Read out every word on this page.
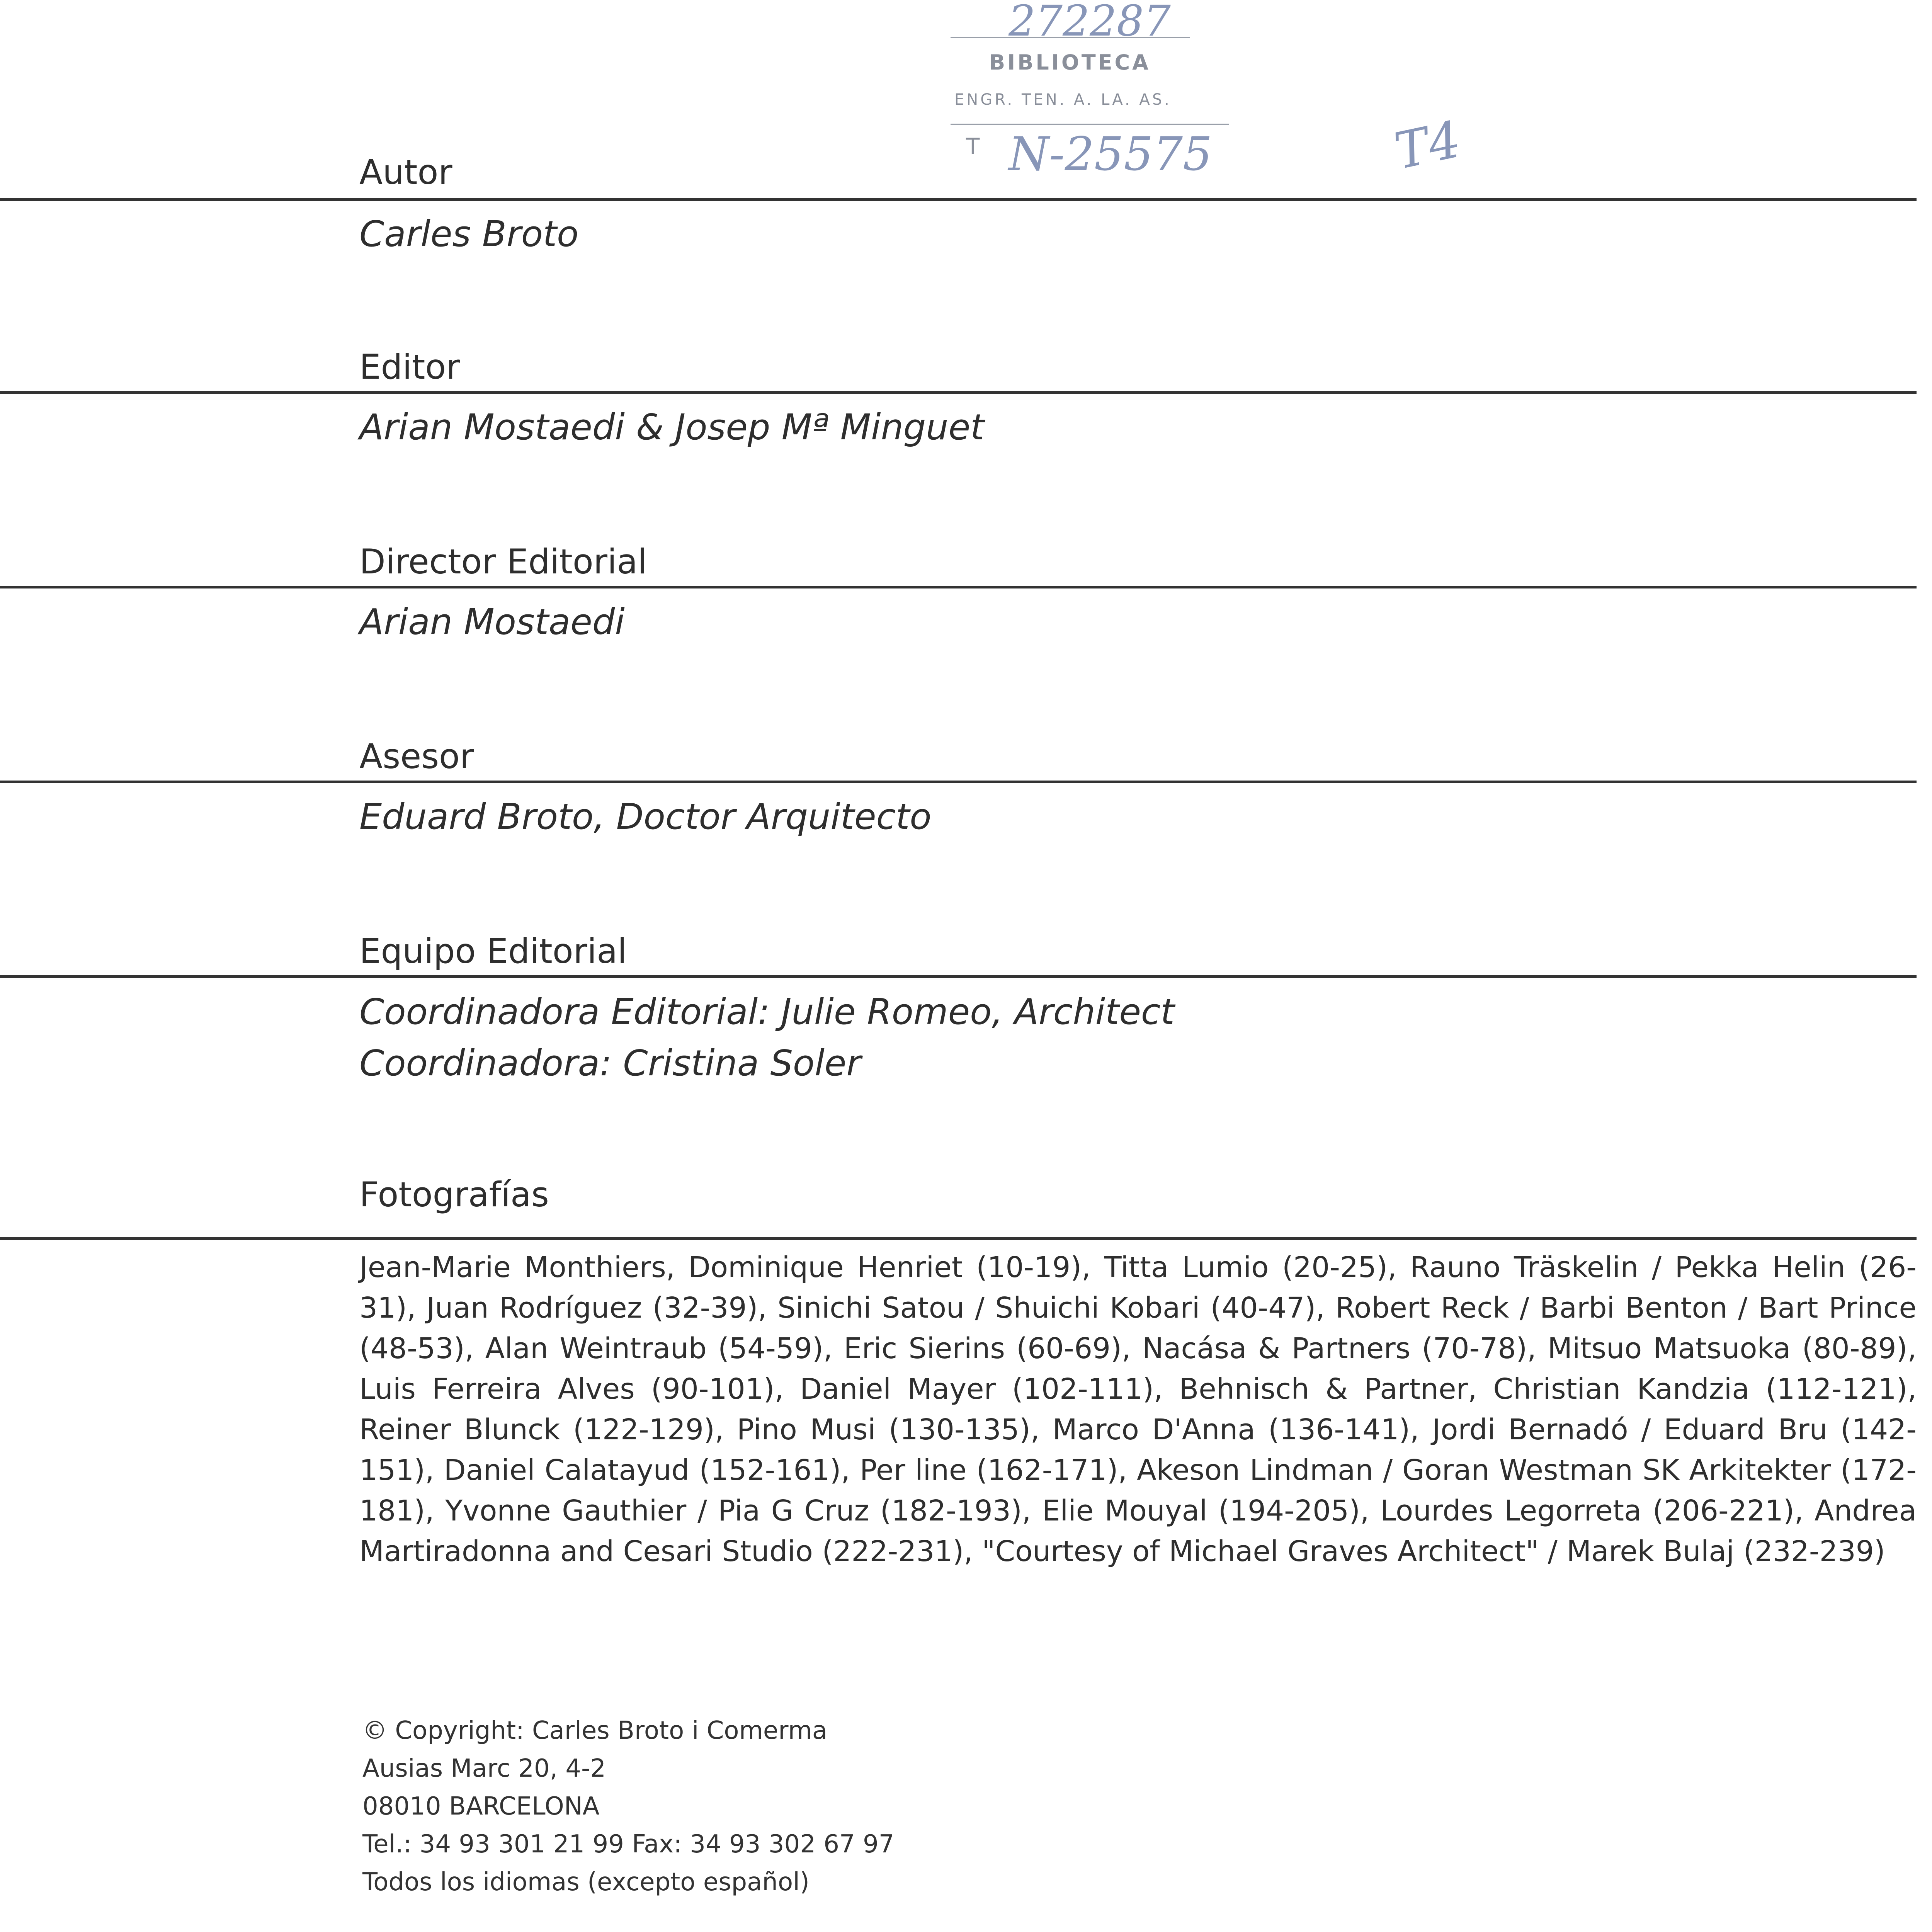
272287
BIBLIOTECA
ENGR. TEN. A. LA. AS.
T N-25575	T4
Autor
Carles Broto
Editor
Arian Mostaedi & Josep Mª Minguet
Director Editorial
Arian Mostaedi
Asesor
Eduard Broto, Doctor Arquitecto
Equipo Editorial
Coordinadora Editorial: Julie Romeo, Architect
Coordinadora: Cristina Soler
Fotografías
Jean-Marie Monthiers, Dominique Henriet (10-19), Titta Lumio (20-25), Rauno Träskelin / Pekka Helin (26-31), Juan Rodríguez (32-39), Sinichi Satou / Shuichi Kobari (40-47), Robert Reck / Barbi Benton / Bart Prince (48-53), Alan Weintraub (54-59), Eric Sierins (60-69), Nacása & Partners (70-78), Mitsuo Matsuoka (80-89), Luis Ferreira Alves (90-101), Daniel Mayer (102-111), Behnisch & Partner, Christian Kandzia (112-121), Reiner Blunck (122-129), Pino Musi (130-135), Marco D'Anna (136-141), Jordi Bernadó / Eduard Bru (142-151), Daniel Calatayud (152-161), Per line (162-171), Akeson Lindman / Goran Westman SK Arkitekter (172-181), Yvonne Gauthier / Pia G Cruz (182-193), Elie Mouyal (194-205), Lourdes Legorreta (206-221), Andrea Martiradonna and Cesari Studio (222-231), "Courtesy of Michael Graves Architect" / Marek Bulaj (232-239)
© Copyright: Carles Broto i Comerma
Ausias Marc 20, 4-2
08010 BARCELONA
Tel.: 34 93 301 21 99 Fax: 34 93 302 67 97
Todos los idiomas (excepto español)
